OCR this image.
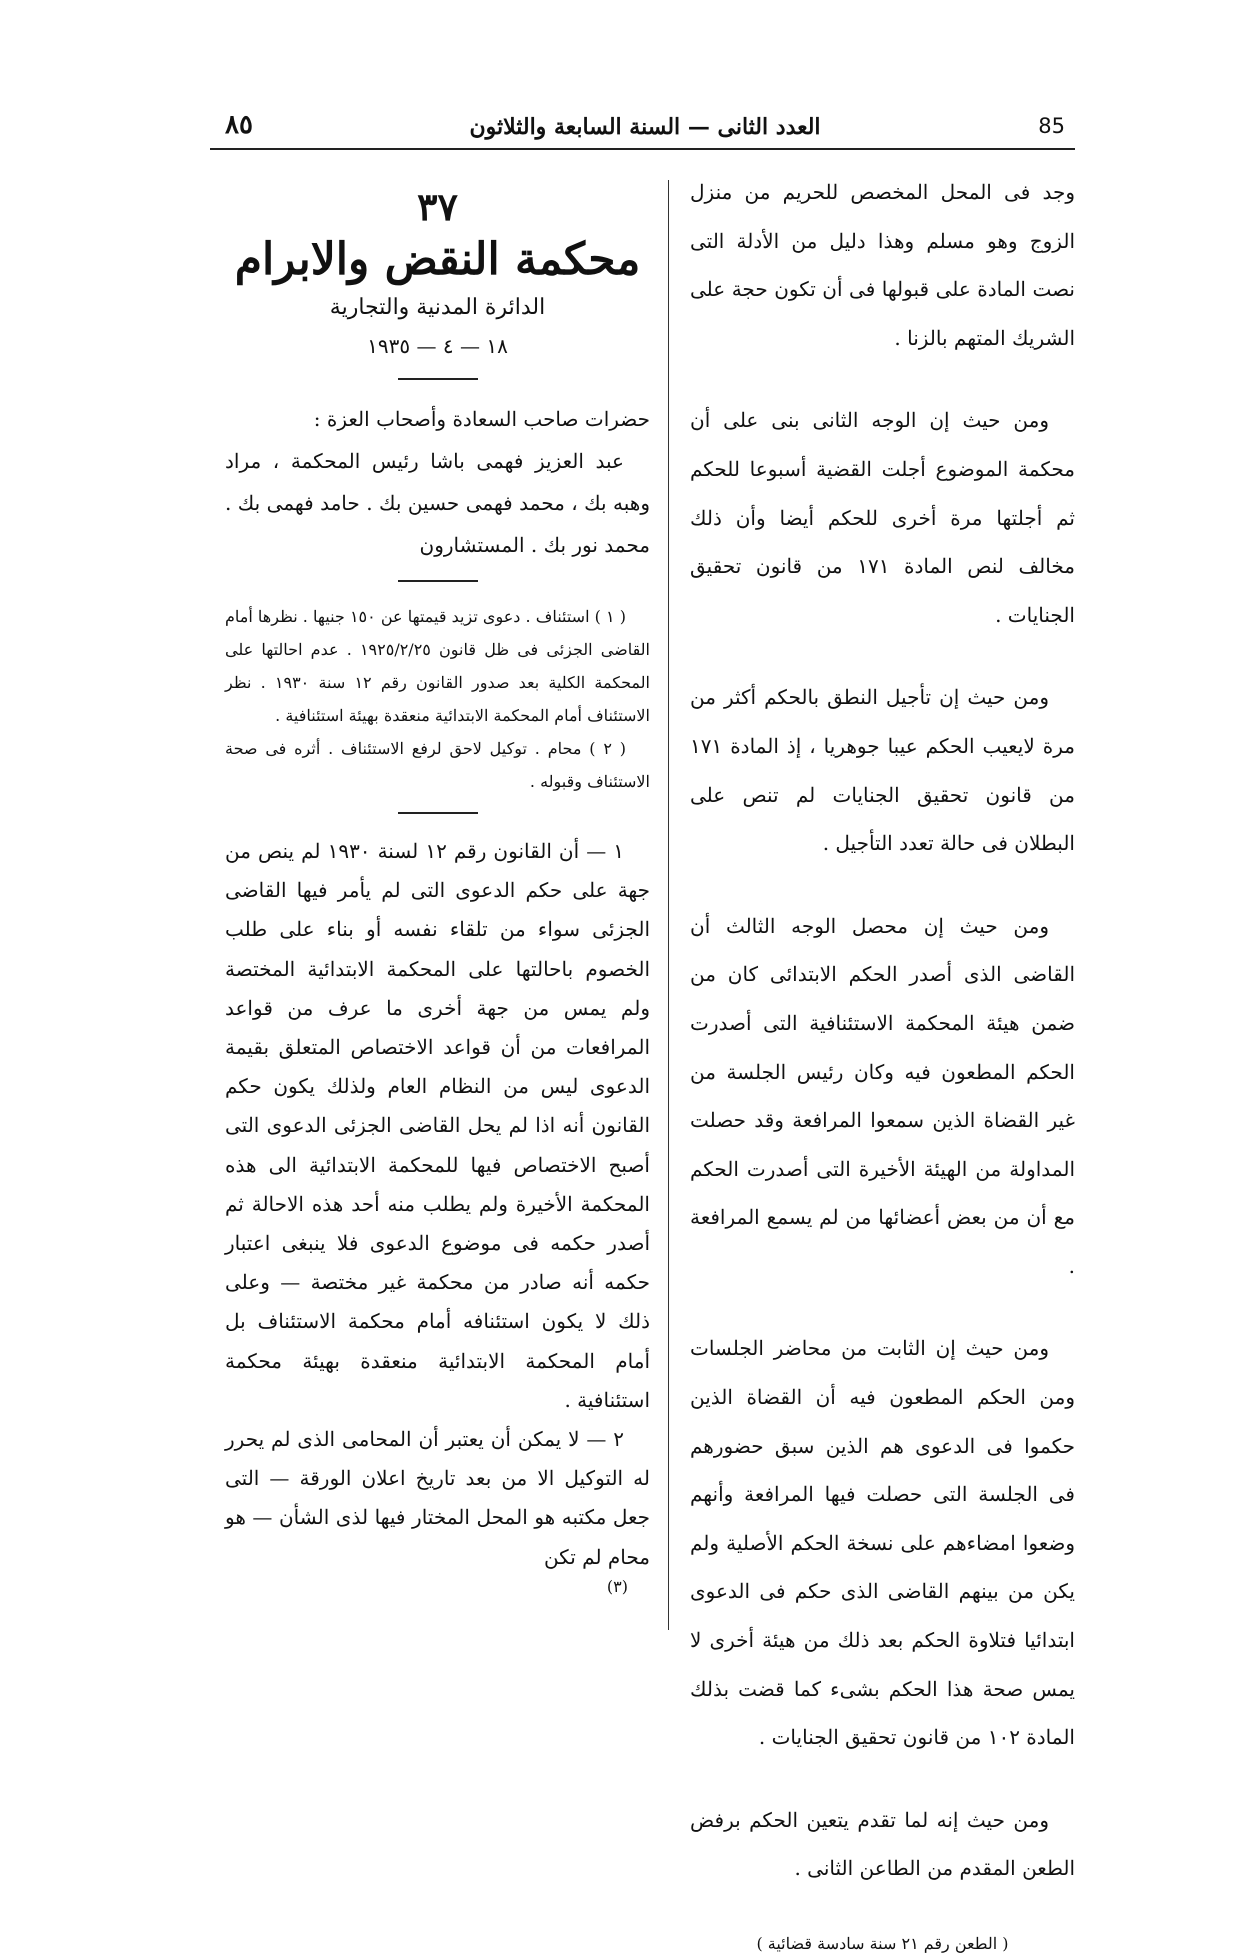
٨٥	العدد الثانى — السنة السابعة والثلاثون	85

وجد فى المحل المخصص للحريم من منزل الزوج وهو مسلم وهذا دليل من الأدلة التى نصت المادة على قبولها فى أن تكون حجة على الشريك المتهم بالزنا .

ومن حيث إن الوجه الثانى بنى على أن محكمة الموضوع أجلت القضية أسبوعا للحكم ثم أجلتها مرة أخرى للحكم أيضا وأن ذلك مخالف لنص المادة ١٧١ من قانون تحقيق الجنايات .

ومن حيث إن تأجيل النطق بالحكم أكثر من مرة لايعيب الحكم عيبا جوهريا ، إذ المادة ١٧١ من قانون تحقيق الجنايات لم تنص على البطلان فى حالة تعدد التأجيل .

ومن حيث إن محصل الوجه الثالث أن القاضى الذى أصدر الحكم الابتدائى كان من ضمن هيئة المحكمة الاستئنافية التى أصدرت الحكم المطعون فيه وكان رئيس الجلسة من غير القضاة الذين سمعوا المرافعة وقد حصلت المداولة من الهيئة الأخيرة التى أصدرت الحكم مع أن من بعض أعضائها من لم يسمع المرافعة .

ومن حيث إن الثابت من محاضر الجلسات ومن الحكم المطعون فيه أن القضاة الذين حكموا فى الدعوى هم الذين سبق حضورهم فى الجلسة التى حصلت فيها المرافعة وأنهم وضعوا امضاءهم على نسخة الحكم الأصلية ولم يكن من بينهم القاضى الذى حكم فى الدعوى ابتدائيا فتلاوة الحكم بعد ذلك من هيئة أخرى لا يمس صحة هذا الحكم بشىء كما قضت بذلك المادة ١٠٢ من قانون تحقيق الجنايات .

ومن حيث إنه لما تقدم يتعين الحكم برفض الطعن المقدم من الطاعن الثانى .

( الطعن رقم ٢١ سنة سادسة قضائية )

٣٧
محكمة النقض والابرام
الدائرة المدنية والتجارية
١٨ — ٤ — ١٩٣٥

حضرات صاحب السعادة وأصحاب العزة :

عبد العزيز فهمى باشا رئيس المحكمة ، مراد وهبه بك ، محمد فهمى حسين بك . حامد فهمى بك . محمد نور بك . المستشارون

( ١ ) استئناف . دعوى تزيد قيمتها عن ١٥٠ جنيها . نظرها أمام القاضى الجزئى فى ظل قانون ١٩٢٥/٢/٢٥ . عدم احالتها على المحكمة الكلية بعد صدور القانون رقم ١٢ سنة ١٩٣٠ . نظر الاستئناف أمام المحكمة الابتدائية منعقدة بهيئة استئنافية .

( ٢ ) محام . توكيل لاحق لرفع الاستئناف . أثره فى صحة الاستئناف وقبوله .

١ — أن القانون رقم ١٢ لسنة ١٩٣٠ لم ينص من جهة على حكم الدعوى التى لم يأمر فيها القاضى الجزئى سواء من تلقاء نفسه أو بناء على طلب الخصوم باحالتها على المحكمة الابتدائية المختصة ولم يمس من جهة أخرى ما عرف من قواعد المرافعات من أن قواعد الاختصاص المتعلق بقيمة الدعوى ليس من النظام العام ولذلك يكون حكم القانون أنه اذا لم يحل القاضى الجزئى الدعوى التى أصبح الاختصاص فيها للمحكمة الابتدائية الى هذه المحكمة الأخيرة ولم يطلب منه أحد هذه الاحالة ثم أصدر حكمه فى موضوع الدعوى فلا ينبغى اعتبار حكمه أنه صادر من محكمة غير مختصة — وعلى ذلك لا يكون استئنافه أمام محكمة الاستئناف بل أمام المحكمة الابتدائية منعقدة بهيئة محكمة استئنافية .

٢ — لا يمكن أن يعتبر أن المحامى الذى لم يحرر له التوكيل الا من بعد تاريخ اعلان الورقة — التى جعل مكتبه هو المحل المختار فيها لذى الشأن — هو محام لم تكن

(٣)
